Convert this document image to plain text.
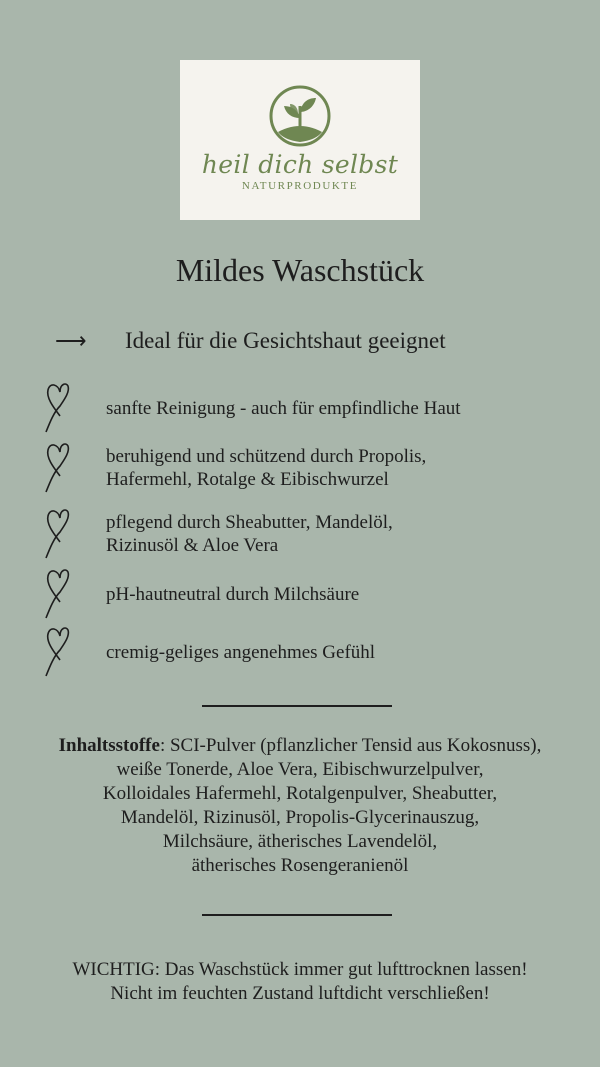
heil dich selbst
NATURPRODUKTE
Mildes Waschstück
⟶	Ideal für die Gesichtshaut geeignet
sanfte Reinigung - auch für empfindliche Haut
beruhigend und schützend durch Propolis,
Hafermehl, Rotalge & Eibischwurzel
pflegend durch Sheabutter, Mandelöl,
Rizinusöl & Aloe Vera
pH-hautneutral durch Milchsäure
cremig-geliges angenehmes Gefühl
Inhaltsstoffe: SCI-Pulver (pflanzlicher Tensid aus Kokosnuss),
weiße Tonerde, Aloe Vera, Eibischwurzelpulver,
Kolloidales Hafermehl, Rotalgenpulver, Sheabutter,
Mandelöl, Rizinusöl, Propolis-Glycerinauszug,
Milchsäure, ätherisches Lavendelöl,
ätherisches Rosengeranienöl
WICHTIG: Das Waschstück immer gut lufttrocknen lassen!
Nicht im feuchten Zustand luftdicht verschließen!
